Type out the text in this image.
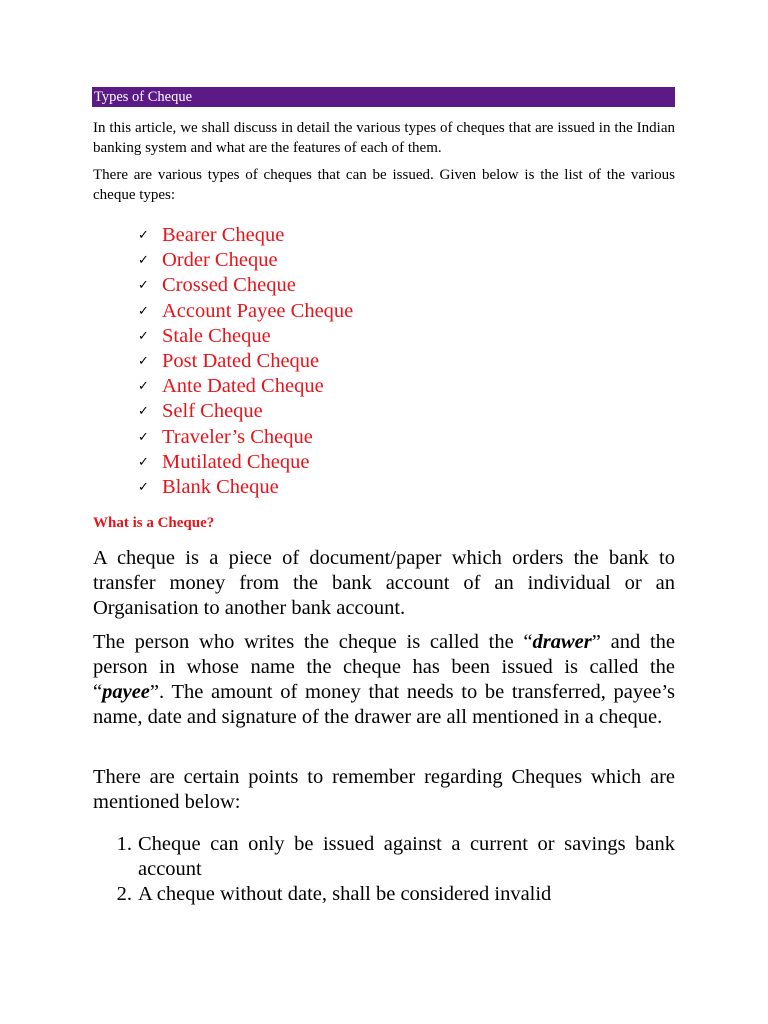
Types of Cheque

In this article, we shall discuss in detail the various types of cheques that are issued in the Indian banking system and what are the features of each of them.

There are various types of cheques that can be issued. Given below is the list of the various cheque types:

✓ Bearer Cheque
✓ Order Cheque
✓ Crossed Cheque
✓ Account Payee Cheque
✓ Stale Cheque
✓ Post Dated Cheque
✓ Ante Dated Cheque
✓ Self Cheque
✓ Traveler’s Cheque
✓ Mutilated Cheque
✓ Blank Cheque
What is a Cheque?

A cheque is a piece of document/paper which orders the bank to transfer money from the bank account of an individual or an Organisation to another bank account.

The person who writes the cheque is called the “drawer” and the person in whose name the cheque has been issued is called the “payee”. The amount of money that needs to be transferred, payee’s name, date and signature of the drawer are all mentioned in a cheque.

There are certain points to remember regarding Cheques which are mentioned below:

1. Cheque can only be issued against a current or savings bank account
2. A cheque without date, shall be considered invalid
